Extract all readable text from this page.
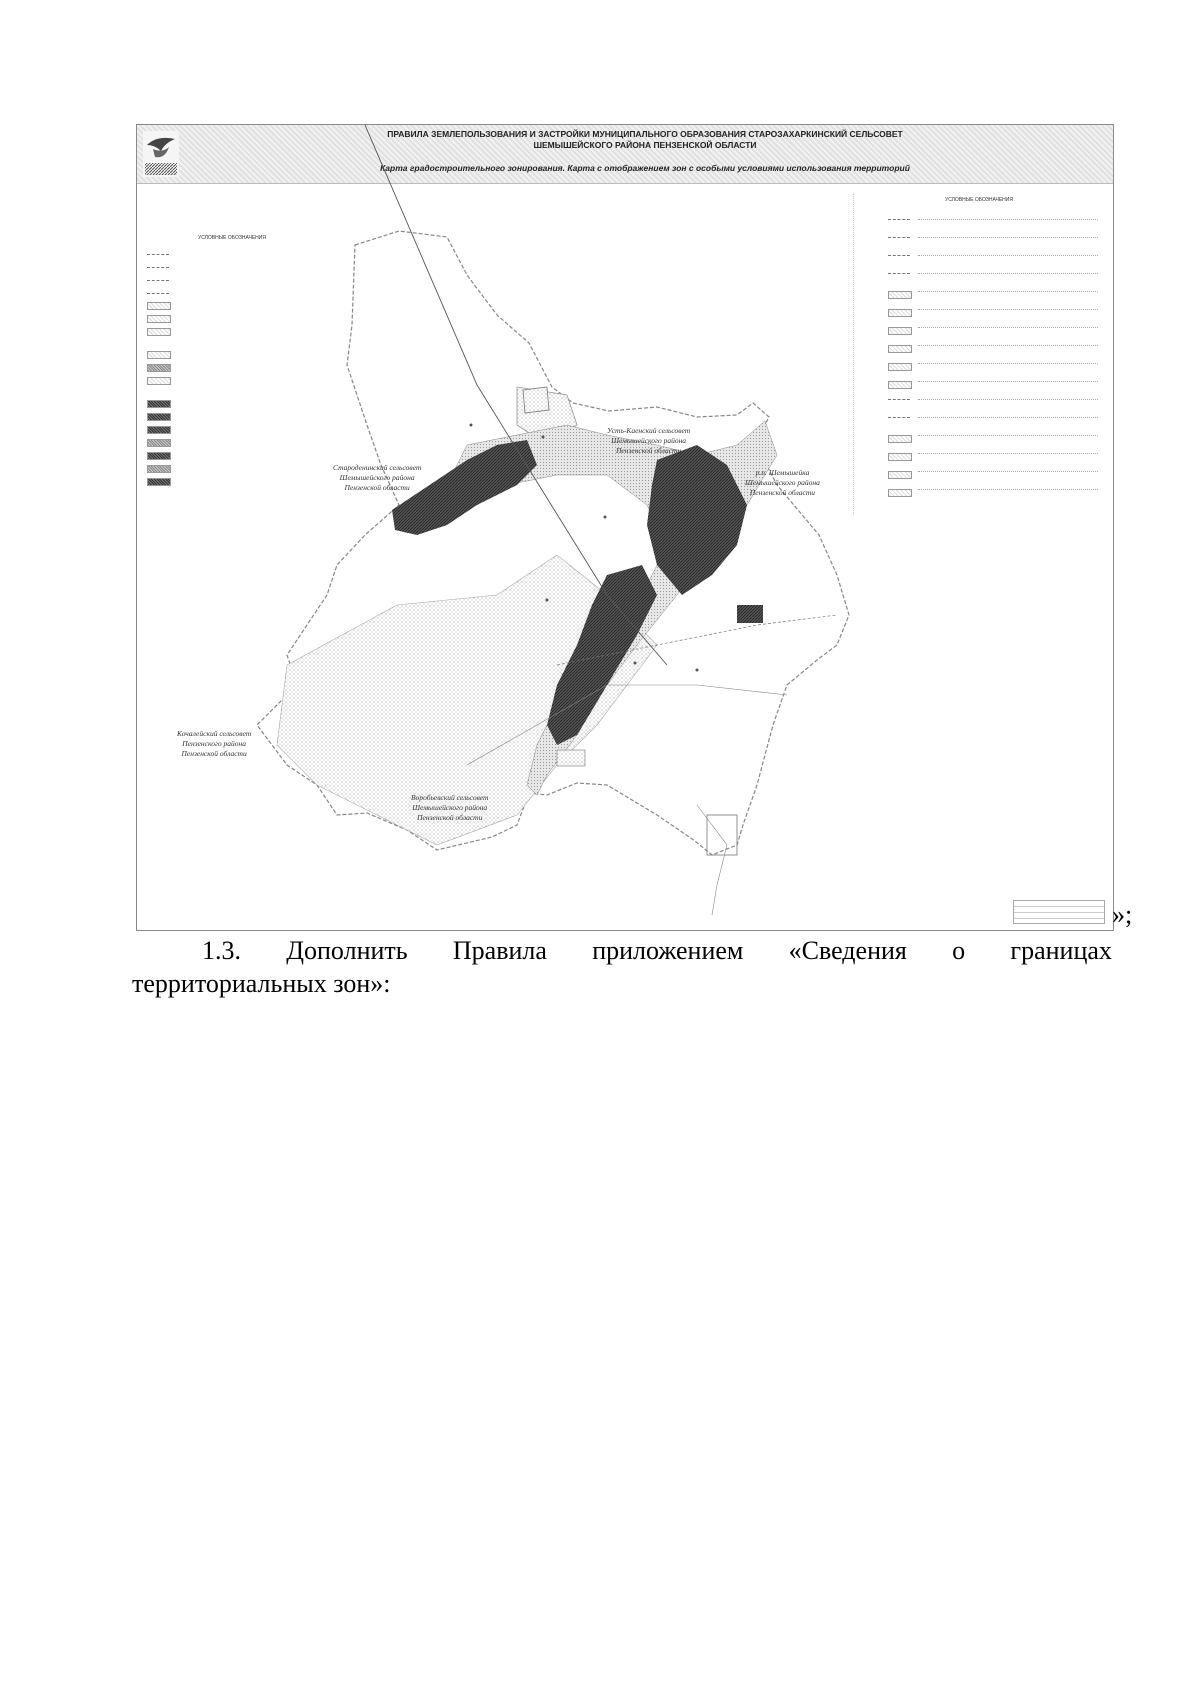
ПРАВИЛА ЗЕМЛЕПОЛЬЗОВАНИЯ И ЗАСТРОЙКИ МУНИЦИПАЛЬНОГО ОБРАЗОВАНИЯ СТАРОЗАХАРКИНСКИЙ СЕЛЬСОВЕТ
ШЕМЫШЕЙСКОГО РАЙОНА ПЕНЗЕНСКОЙ ОБЛАСТИ
Карта градостроительного зонирования. Карта с отображением зон с особыми условиями использования территорий
УСЛОВНЫЕ ОБОЗНАЧЕНИЯ
УСЛОВНЫЕ ОБОЗНАЧЕНИЯ
Усть-Каенский сельсовет
Шемышейского района
Пензенской области
Староденинский сельсовет
Шемышейского района
Пензенской области
р.п. Шемышейка
Шемышейского района
Пензенской области
Кочалейский сельсовет
Пензенского района
Пензенской области
Воробьевский сельсовет
Шемышейского района
Пензенской области
»;
1.3. Дополнить Правила приложением «Сведения о границах
территориальных зон»:
